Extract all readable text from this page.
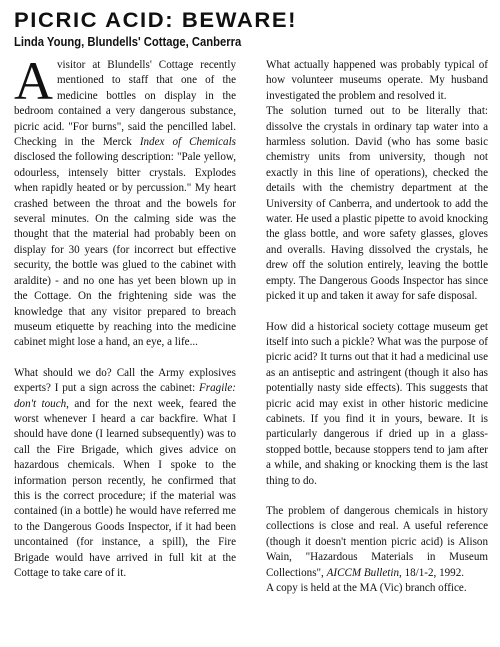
PICRIC ACID: BEWARE!
Linda Young, Blundells' Cottage, Canberra

Avisitor at Blundells' Cottage recently mentioned to staff that one of the medicine bottles on display in the bedroom contained a very dangerous substance, picric acid. "For burns", said the pencilled label. Checking in the Merck Index of Chemicals disclosed the following description: "Pale yellow, odourless, intensely bitter crystals. Explodes when rapidly heated or by percussion." My heart crashed between the throat and the bowels for several minutes. On the calming side was the thought that the material had probably been on display for 30 years (for incorrect but effective security, the bottle was glued to the cabinet with araldite) - and no one has yet been blown up in the Cottage. On the frightening side was the knowledge that any visitor prepared to breach museum etiquette by reaching into the medicine cabinet might lose a hand, an eye, a life...

What should we do? Call the Army explosives experts? I put a sign across the cabinet: Fragile: don't touch, and for the next week, feared the worst whenever I heard a car backfire. What I should have done (I learned subsequently) was to call the Fire Brigade, which gives advice on hazardous chemicals. When I spoke to the information person recently, he confirmed that this is the correct procedure; if the material was contained (in a bottle) he would have referred me to the Dangerous Goods Inspector, if it had been uncontained (for instance, a spill), the Fire Brigade would have arrived in full kit at the Cottage to take care of it.

What actually happened was probably typical of how volunteer museums operate. My husband investigated the problem and resolved it.

The solution turned out to be literally that: dissolve the crystals in ordinary tap water into a harmless solution. David (who has some basic chemistry units from university, though not exactly in this line of operations), checked the details with the chemistry department at the University of Canberra, and undertook to add the water. He used a plastic pipette to avoid knocking the glass bottle, and wore safety glasses, gloves and overalls. Having dissolved the crystals, he drew off the solution entirely, leaving the bottle empty. The Dangerous Goods Inspector has since picked it up and taken it away for safe disposal.

How did a historical society cottage museum get itself into such a pickle? What was the purpose of picric acid? It turns out that it had a medicinal use as an antiseptic and astringent (though it also has potentially nasty side effects). This suggests that picric acid may exist in other historic medicine cabinets. If you find it in yours, beware. It is particularly dangerous if dried up in a glass-stopped bottle, because stoppers tend to jam after a while, and shaking or knocking them is the last thing to do.

The problem of dangerous chemicals in history collections is close and real. A useful reference (though it doesn't mention picric acid) is Alison Wain, "Hazardous Materials in Museum Collections", AICCM Bulletin, 18/1-2, 1992.

A copy is held at the MA (Vic) branch office.
